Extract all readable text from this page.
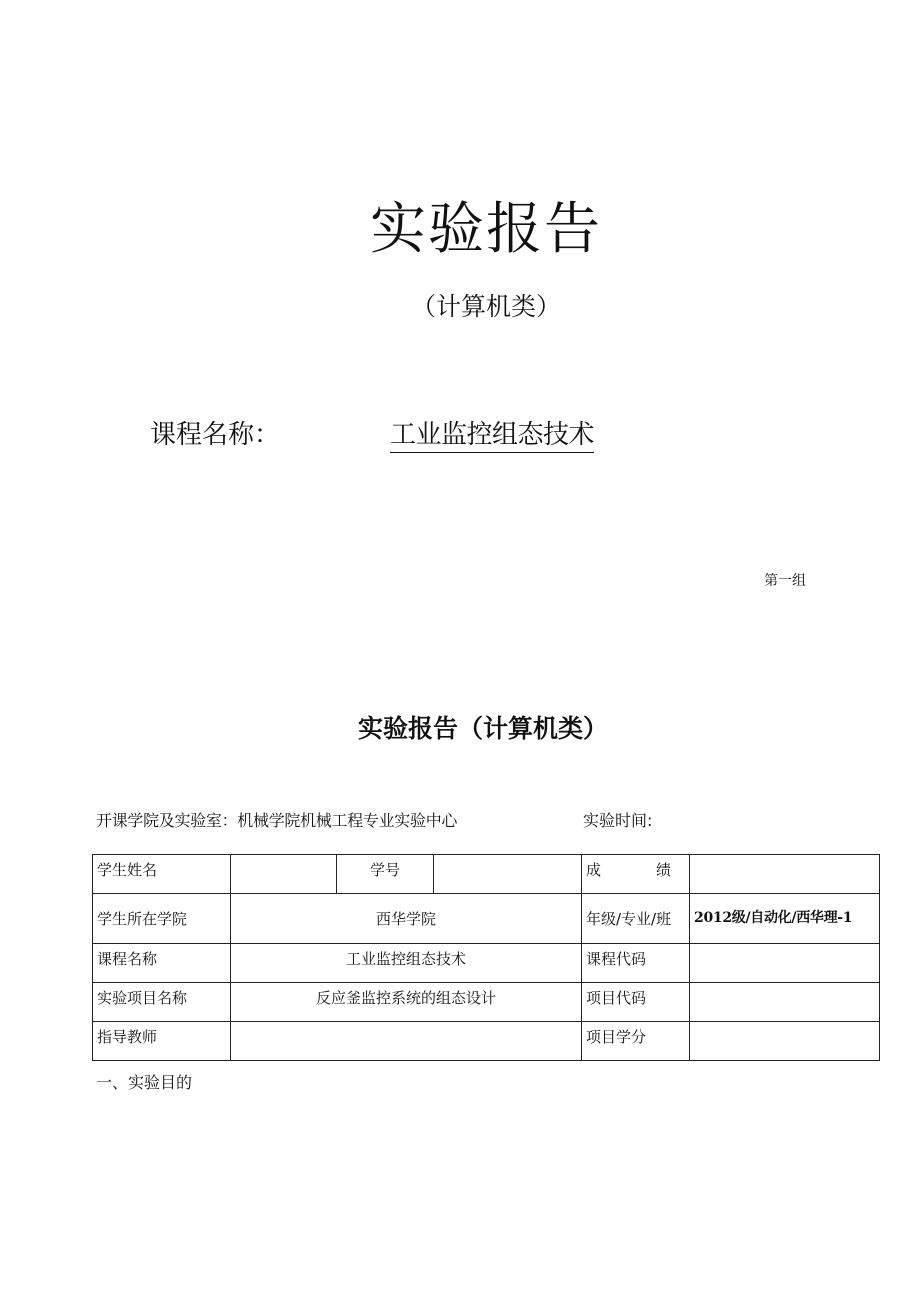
实验报告
（计算机类）
课程名称：	工业监控组态技术
第一组
实验报告（计算机类）
开课学院及实验室：机械学院机械工程专业实验中心	实验时间:
学生姓名		学号		成 绩	

学生所在学院	西华学院			年级/专业/班	2012级/自动化/西华理-1
课程名称	工业监控组态技术			课程代码	
实验项目名称	反应釜监控系统的组态设计			项目代码	
指导教师				项目学分	
一、实验目的
